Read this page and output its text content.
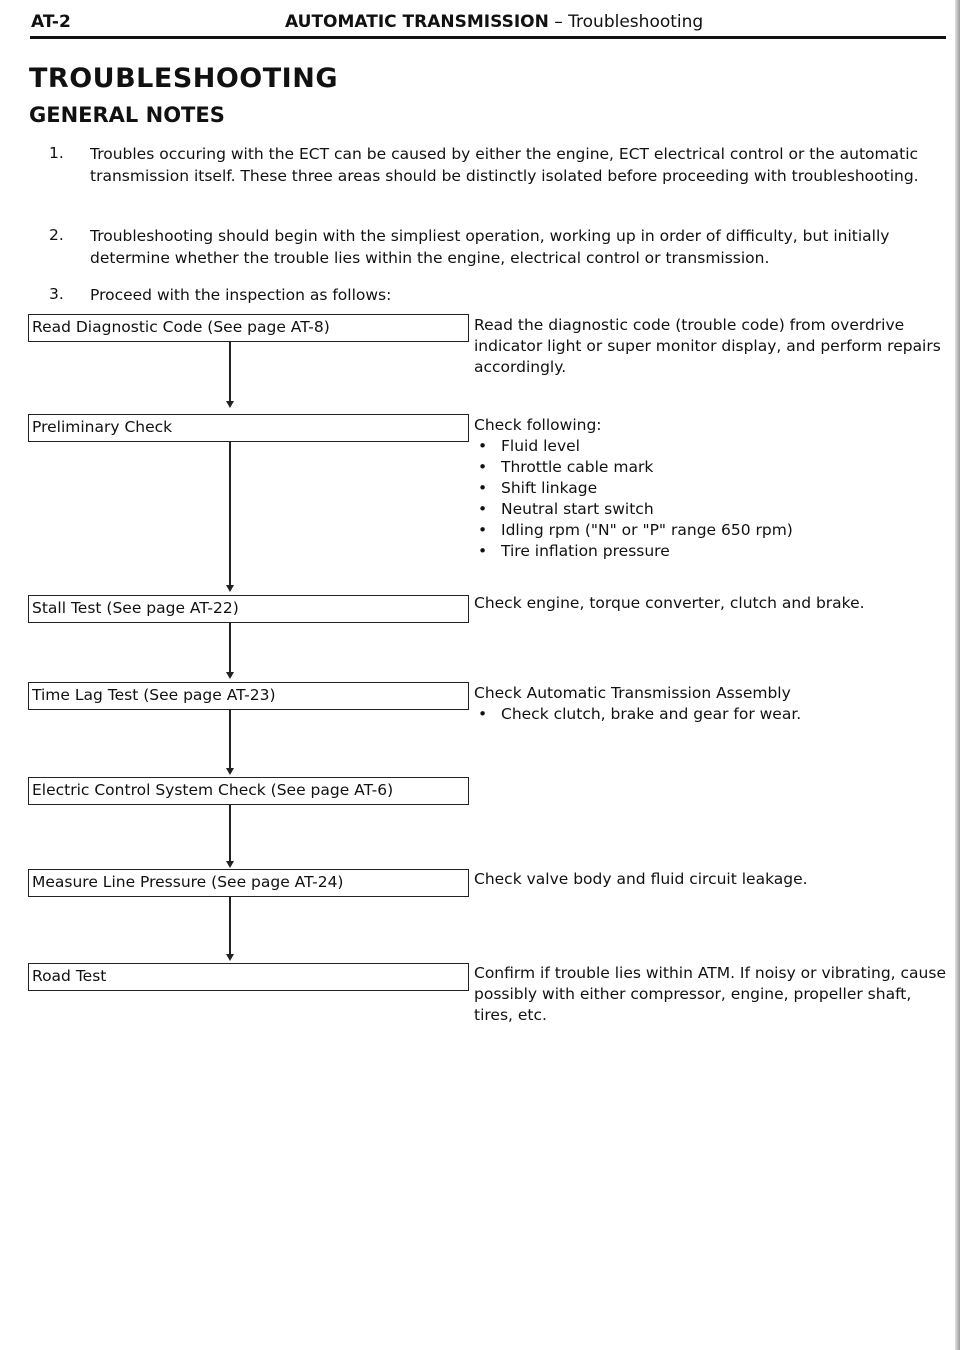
AT-2	AUTOMATIC TRANSMISSION – Troubleshooting
TROUBLESHOOTING
GENERAL NOTES
1. Troubles occuring with the ECT can be caused by either the engine, ECT electrical control or the automatic transmission itself. These three areas should be distinctly isolated before proceeding with troubleshooting.
2. Troubleshooting should begin with the simpliest operation, working up in order of difficulty, but initially determine whether the trouble lies within the engine, electrical control or transmission.
3. Proceed with the inspection as follows:
Read Diagnostic Code (See page AT-8)
Preliminary Check
Stall Test (See page AT-22)
Time Lag Test (See page AT-23)
Electric Control System Check (See page AT-6)
Measure Line Pressure (See page AT-24)
Road Test
Read the diagnostic code (trouble code) from overdrive indicator light or super monitor display, and perform repairs accordingly.
Check following:
• Fluid level
• Throttle cable mark
• Shift linkage
• Neutral start switch
• Idling rpm ("N" or "P" range 650 rpm)
• Tire inflation pressure
Check engine, torque converter, clutch and brake.
Check Automatic Transmission Assembly
• Check clutch, brake and gear for wear.
Check valve body and fluid circuit leakage.
Confirm if trouble lies within ATM. If noisy or vibrating, cause possibly with either compressor, engine, propeller shaft, tires, etc.
